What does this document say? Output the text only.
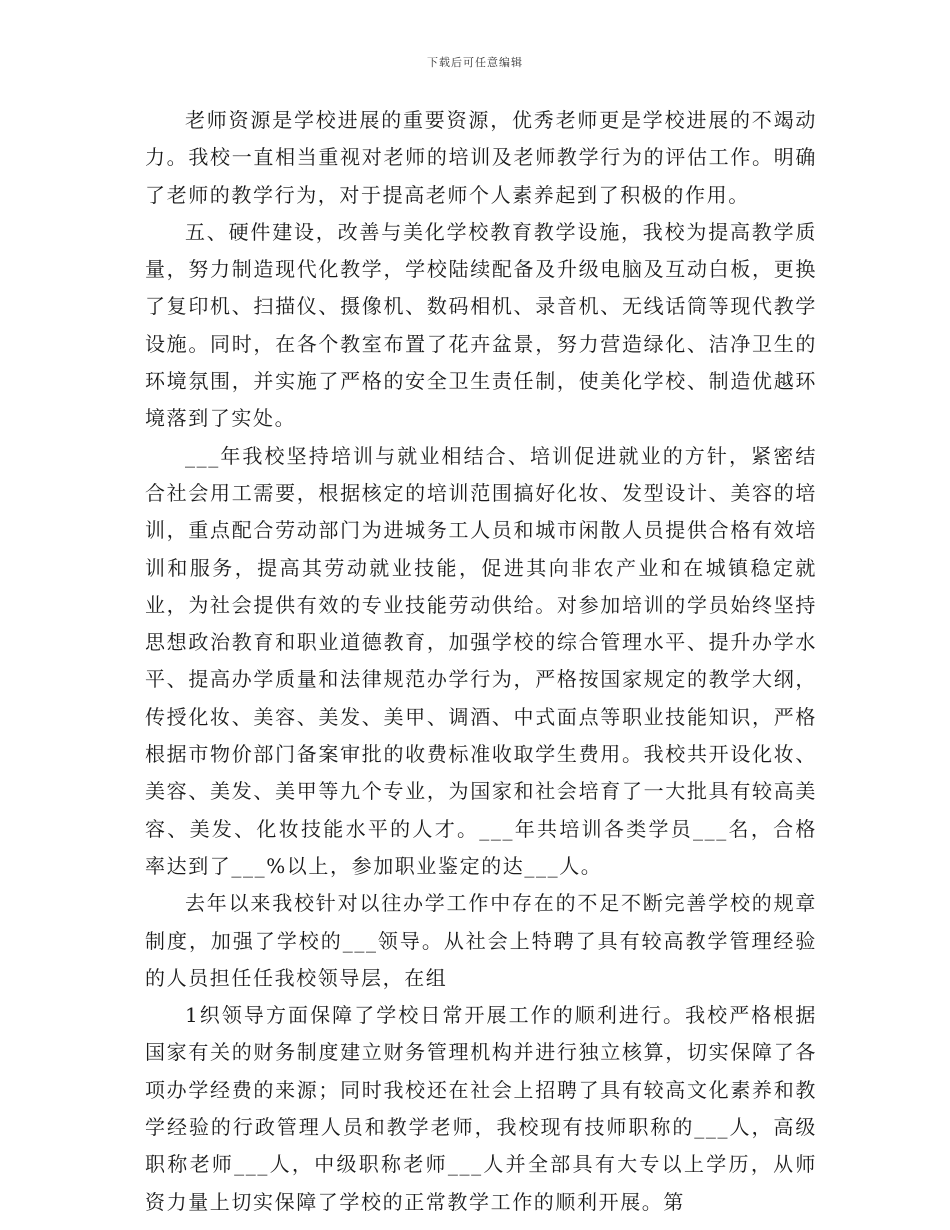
下载后可任意编辑

老师资源是学校进展的重要资源，优秀老师更是学校进展的不竭动力。我校一直相当重视对老师的培训及老师教学行为的评估工作。明确了老师的教学行为，对于提高老师个人素养起到了积极的作用。

五、硬件建设，改善与美化学校教育教学设施，我校为提高教学质量，努力制造现代化教学，学校陆续配备及升级电脑及互动白板，更换了复印机、扫描仪、摄像机、数码相机、录音机、无线话筒等现代教学设施。同时，在各个教室布置了花卉盆景，努力营造绿化、洁净卫生的环境氛围，并实施了严格的安全卫生责任制，使美化学校、制造优越环境落到了实处。

___年我校坚持培训与就业相结合、培训促进就业的方针，紧密结合社会用工需要，根据核定的培训范围搞好化妆、发型设计、美容的培训，重点配合劳动部门为进城务工人员和城市闲散人员提供合格有效培训和服务，提高其劳动就业技能，促进其向非农产业和在城镇稳定就业，为社会提供有效的专业技能劳动供给。对参加培训的学员始终坚持思想政治教育和职业道德教育，加强学校的综合管理水平、提升办学水平、提高办学质量和法律规范办学行为，严格按国家规定的教学大纲，传授化妆、美容、美发、美甲、调酒、中式面点等职业技能知识，严格根据市物价部门备案审批的收费标准收取学生费用。我校共开设化妆、美容、美发、美甲等九个专业，为国家和社会培育了一大批具有较高美容、美发、化妆技能水平的人才。___年共培训各类学员___名，合格率达到了___%以上，参加职业鉴定的达___人。

去年以来我校针对以往办学工作中存在的不足不断完善学校的规章制度，加强了学校的___领导。从社会上特聘了具有较高教学管理经验的人员担任任我校领导层，在组

1织领导方面保障了学校日常开展工作的顺利进行。我校严格根据国家有关的财务制度建立财务管理机构并进行独立核算，切实保障了各项办学经费的来源；同时我校还在社会上招聘了具有较高文化素养和教学经验的行政管理人员和教学老师，我校现有技师职称的___人，高级职称老师___人，中级职称老师___人并全部具有大专以上学历，从师资力量上切实保障了学校的正常教学工作的顺利开展。第
